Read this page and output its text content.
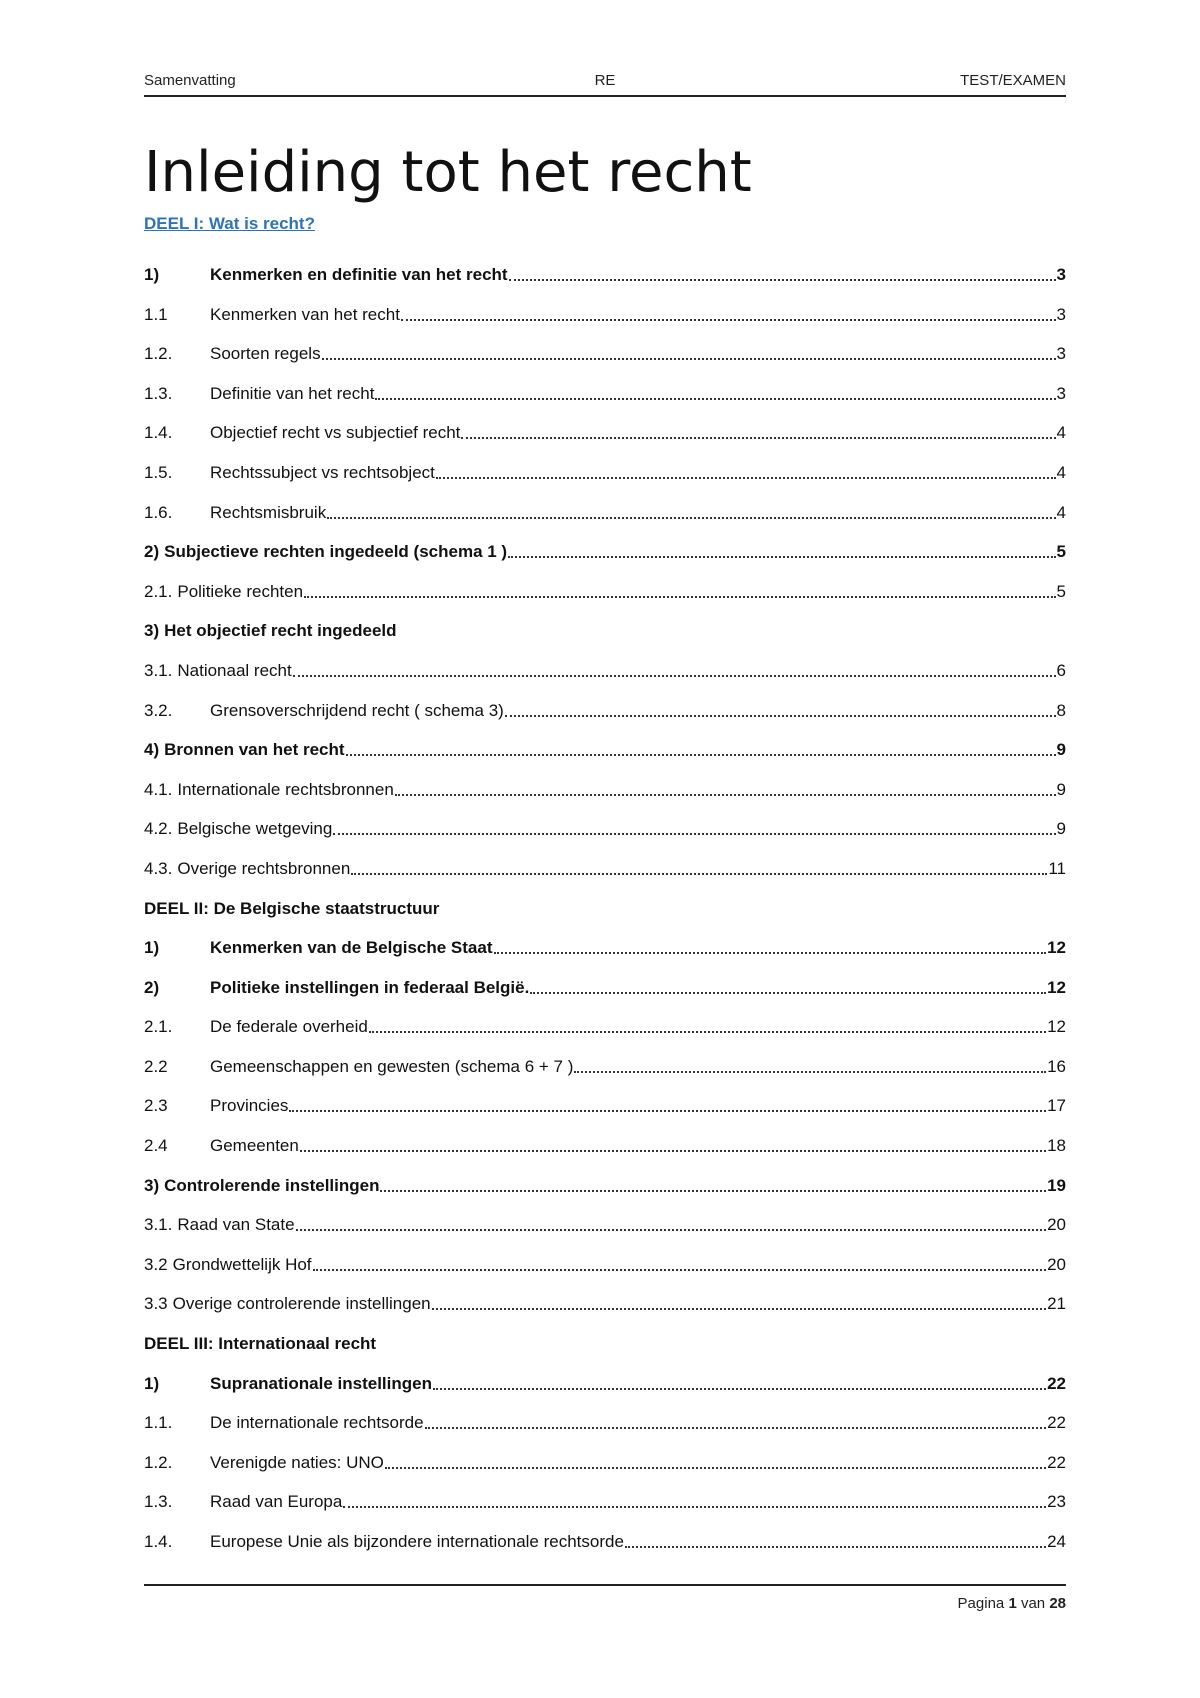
Samenvatting	RE	TEST/EXAMEN
Inleiding tot het recht
DEEL I: Wat is recht?
1)	Kenmerken en definitie van het recht	3
1.1	Kenmerken van het recht	3
1.2.	Soorten regels	3
1.3.	Definitie van het recht	3
1.4.	Objectief recht vs subjectief recht	4
1.5.	Rechtssubject vs rechtsobject	4
1.6.	Rechtsmisbruik	4
2) Subjectieve rechten ingedeeld (schema 1 )	5
2.1. Politieke rechten	5
3) Het objectief recht ingedeeld
3.1. Nationaal recht	6
3.2.	Grensoverschrijdend recht ( schema 3)	8
4) Bronnen van het recht	9
4.1. Internationale rechtsbronnen	9
4.2. Belgische wetgeving	9
4.3. Overige rechtsbronnen	11
DEEL II: De Belgische staatstructuur
1)	Kenmerken van de Belgische Staat	12
2)	Politieke instellingen in federaal België.	12
2.1.	De federale overheid	12
2.2	Gemeenschappen en gewesten (schema 6 + 7 )	16
2.3	Provincies	17
2.4	Gemeenten	18
3) Controlerende instellingen	19
3.1. Raad van State	20
3.2 Grondwettelijk Hof	20
3.3 Overige controlerende instellingen	21
DEEL III: Internationaal recht
1)	Supranationale instellingen	22
1.1.	De internationale rechtsorde	22
1.2.	Verenigde naties: UNO	22
1.3.	Raad van Europa	23
1.4.	Europese Unie als bijzondere internationale rechtsorde	24
Pagina 1 van 28
